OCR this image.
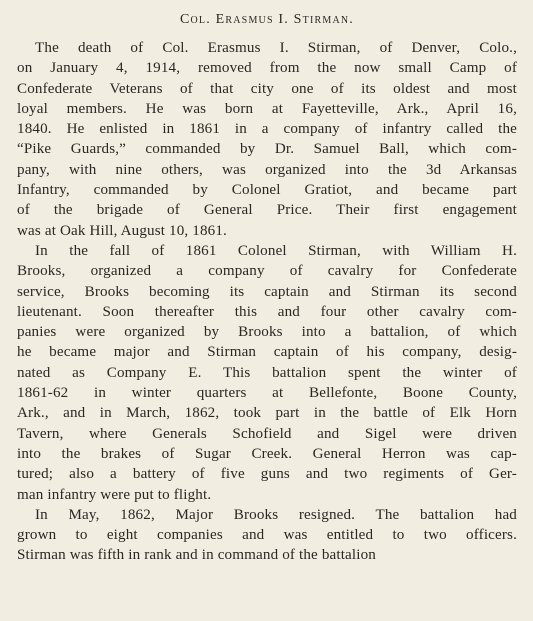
Col. Erasmus I. Stirman.
The death of Col. Erasmus I. Stirman, of Denver, Colo.,
on January 4, 1914, removed from the now small Camp of
Confederate Veterans of that city one of its oldest and most
loyal members. He was born at Fayetteville, Ark., April 16,
1840. He enlisted in 1861 in a company of infantry called the
“Pike Guards,” commanded by Dr. Samuel Ball, which com-
pany, with nine others, was organized into the 3d Arkansas
Infantry, commanded by Colonel Gratiot, and became part
of the brigade of General Price. Their first engagement
was at Oak Hill, August 10, 1861.
In the fall of 1861 Colonel Stirman, with William H.
Brooks, organized a company of cavalry for Confederate
service, Brooks becoming its captain and Stirman its second
lieutenant. Soon thereafter this and four other cavalry com-
panies were organized by Brooks into a battalion, of which
he became major and Stirman captain of his company, desig-
nated as Company E. This battalion spent the winter of
1861-62 in winter quarters at Bellefonte, Boone County,
Ark., and in March, 1862, took part in the battle of Elk Horn
Tavern, where Generals Schofield and Sigel were driven
into the brakes of Sugar Creek. General Herron was cap-
tured; also a battery of five guns and two regiments of Ger-
man infantry were put to flight.
In May, 1862, Major Brooks resigned. The battalion had
grown to eight companies and was entitled to two officers.
Stirman was fifth in rank and in command of the battalion
